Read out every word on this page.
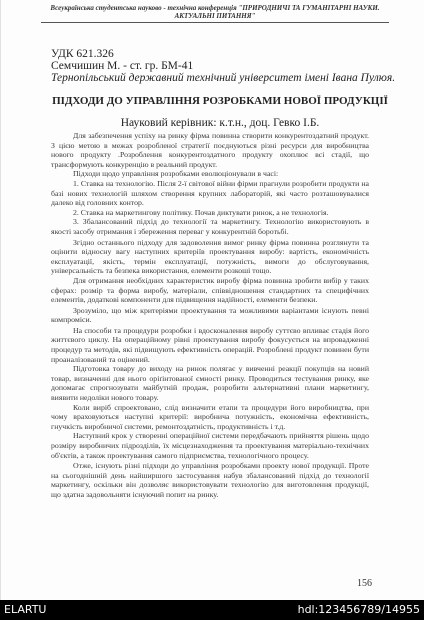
Всеукраїнська студентська науково - технічна конференція "ПРИРОДНИЧІ ТА ГУМАНІТАРНІ НАУКИ.
АКТУАЛЬНІ ПИТАННЯ"
УДК 621.326
Семчишин М. - ст. гр. БМ-41
Тернопільський державний технічний університет імені Івана Пулюя.
ПІДХОДИ ДО УПРАВЛІННЯ РОЗРОБКАМИ НОВОЇ ПРОДУКЦІЇ
Науковий керівник: к.т.н., доц. Гевко І.Б.

Для забезпечення успіху на ринку фірма повинна створити конкурентоздатний продукт. З цією метою в межах розробленої стратегії поєднуються різні ресурси для виробництва нового продукту .Розроблення конкурентоздатного продукту охоплює всі стадії, що трансформують конкуренцію в реальний продукт.

Підходи щодо управління розробками еволюціонували в часі:

1. Ставка на технологію. Після 2-ї світової війни фірми прагнули розробити продукти на базі нових технологій шляхом створення крупних лабораторій, які часто розташовувалися далеко від головних контор.

2. Ставка на маркетингову політику. Почав диктувати ринок, а не технологія.

3. Збалансований підхід до технології та маркетингу. Технологію використовують в якості засобу отримання і збереження переваг у конкурентній боротьбі.

Згідно останнього підходу для задоволення вимог ринку фірма повинна розглянути та оцінити відносну вагу наступних критеріїв проектування виробу: вартість, економічність експлуатації, якість, термін експлуатації, потужність, вимоги до обслуговування, універсальність та безпека використання, елементи розкоші тощо.

Для отримання необхідних характеристик виробу фірма повинна зробити вибір у таких сферах: розмір та форма виробу, матеріали, співвідношення стандартних та специфічних елементів, додаткові компоненти для підвищення надійності, елементи безпеки.

Зрозуміло, що між критеріями проектування та можливими варіантами існують певні компроміси.

На способи та процедури розробки і вдосконалення виробу суттєво впливає стадія його життєвого циклу. На операційному рівні проектування виробу фокусується на впровадженні процедур та методів, які підвищують ефективність операцій. Розроблені продукт повинен бути проаналізований та оцінений.

Підготовка товару до виходу на ринок полягає у вивченні реакції покупців на новий товар, визначенні для нього оріґінтованої ємності ринку. Проводиться тестування ринку, яке допомагає спрогнозувати майбутній продаж, розробити альтернативні плани маркетингу, виявити недоліки нового товару.

Коли виріб спроектовано, слід визначити етапи та процедури його виробництва, при чому враховуються наступні критерії: виробнича потужність, економічна ефективність, гнучкість виробничої системи, ремонтоздатність, продуктивність і т.д.

Наступний крок у створенні операційної системи передбачають прийняття рішень щодо розміру виробничих підрозділів, їх місцезнаходження та проектування матеріально-технічних об'єктів, а також проектування самого підприємства, технологічного процесу.

Отже, існують різні підходи до управління розробками проекту нової продукції. Проте на сьогоднішній день найширшого застосування набув збалансований підхід до технології маркетингу, оскільки він дозволяє використовувати технологію для виготовлення продукції, що здатна задовольняти існуючий попит на ринку.

156
ELARTU	hdl:123456789/14955
